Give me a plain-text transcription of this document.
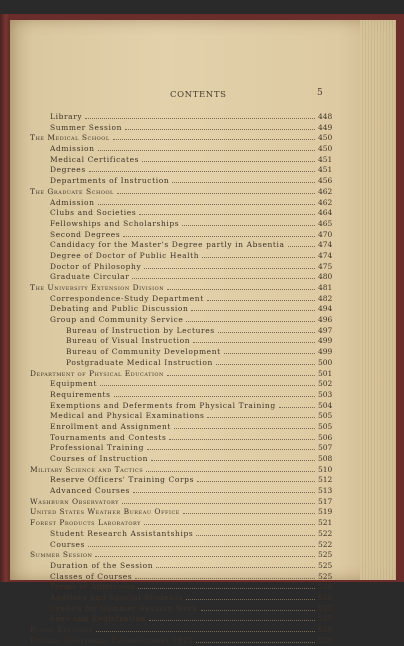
CONTENTS	5
Library	448
Summer Session	449
The Medical School	450
Admission	450
Medical Certificates	451
Degrees	451
Departments of Instruction	456
The Graduate School	462
Admission	462
Clubs and Societies	464
Fellowships and Scholarships	465
Second Degrees	470
Candidacy for the Master's Degree partly in Absentia	474
Degree of Doctor of Public Health	474
Doctor of Philosophy	475
Graduate Circular	480
The University Extension Division	481
Correspondence-Study Department	482
Debating and Public Discussion	494
Group and Community Service	496
Bureau of Instruction by Lectures	497
Bureau of Visual Instruction	499
Bureau of Community Development	499
Postgraduate Medical Instruction	500
Department of Physical Education	501
Equipment	502
Requirements	503
Exemptions and Deferments from Physical Training	504
Medical and Physical Examinations	505
Enrollment and Assignment	505
Tournaments and Contests	506
Professional Training	507
Courses of Instruction	508
Military Science and Tactics	510
Reserve Officers' Training Corps	512
Advanced Courses	513
Washburn Observatory	517
United States Weather Bureau Office	519
Forest Products Laboratory	521
Student Research Assistantships	522
Courses	522
Summer Session	525
Duration of the Session	525
Classes of Courses	525
Terms of Admission	526
Auditors and Special Students	526
Credits for Summer Session Work	527
Fees and Registration	527
Public Lectures	528
Degrees Conferred, Commencement 1922	529
